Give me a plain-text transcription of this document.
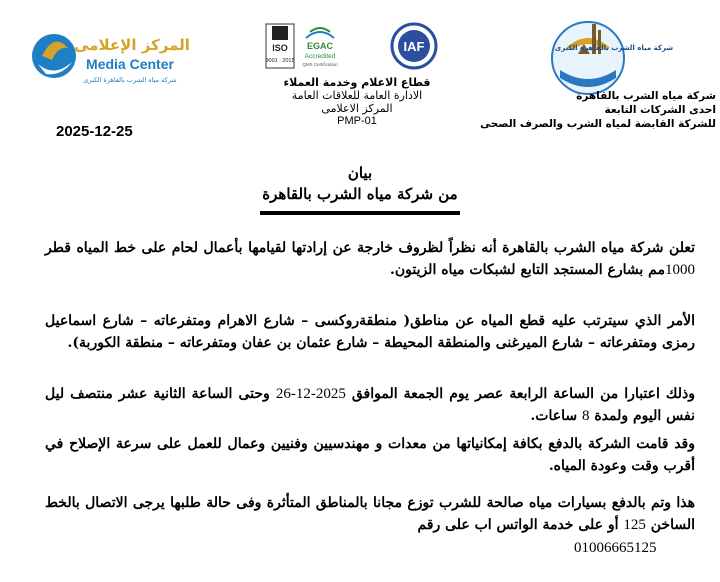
شركة مياه الشرب بالقاهرة الكبرى
شركة مياه الشرب بالقاهرة
احدى الشركات التابعة
للشركة القابضة لمياه الشرب والصرف الصحى
المركز الإعلامى
Media Center
شركة مياه الشرب بالقاهرة الكبرى
2025-12-25
ISO
9001 : 2015
EGAC
Accredited
QMS Certification
IAF
قطاع الاعلام وخدمة العملاء
الادارة العامة للعلاقات العامة
المركز الاعلامى
PMP-01
بيان
من شركة مياه الشرب بالقاهرة
تعلن شركة مياه الشرب بالقاهرة أنه نظراً لظروف خارجة عن إرادتها لقيامها بأعمال لحام على خط المياه قطر 1000مم بشارع المستجد التابع لشبكات مياه الزيتون.
الأمر الذي سيترتب عليه قطع المياه عن مناطق( منطقةروكسى – شارع الاهرام ومتفرعاته – شارع اسماعيل رمزى ومتفرعاته – شارع الميرغنى والمنطقة المحيطة – شارع عثمان بن عفان ومتفرعاته – منطقة الكوربة).
وذلك اعتبارا من الساعة الرابعة عصر يوم الجمعة الموافق 2025-12-26 وحتى الساعة الثانية عشر منتصف ليل نفس اليوم ولمدة 8 ساعات.
وقد قامت الشركة بالدفع بكافة إمكانياتها من معدات و مهندسيين وفنيين وعمال للعمل على سرعة الإصلاح في أقرب وقت وعودة المياه.
هذا وتم بالدفع بسيارات مياه صالحة للشرب توزع مجانا بالمناطق المتأثرة وفى حالة طلبها يرجى الاتصال بالخط الساخن 125 أو على خدمة الواتس اب على رقم
01006665125
